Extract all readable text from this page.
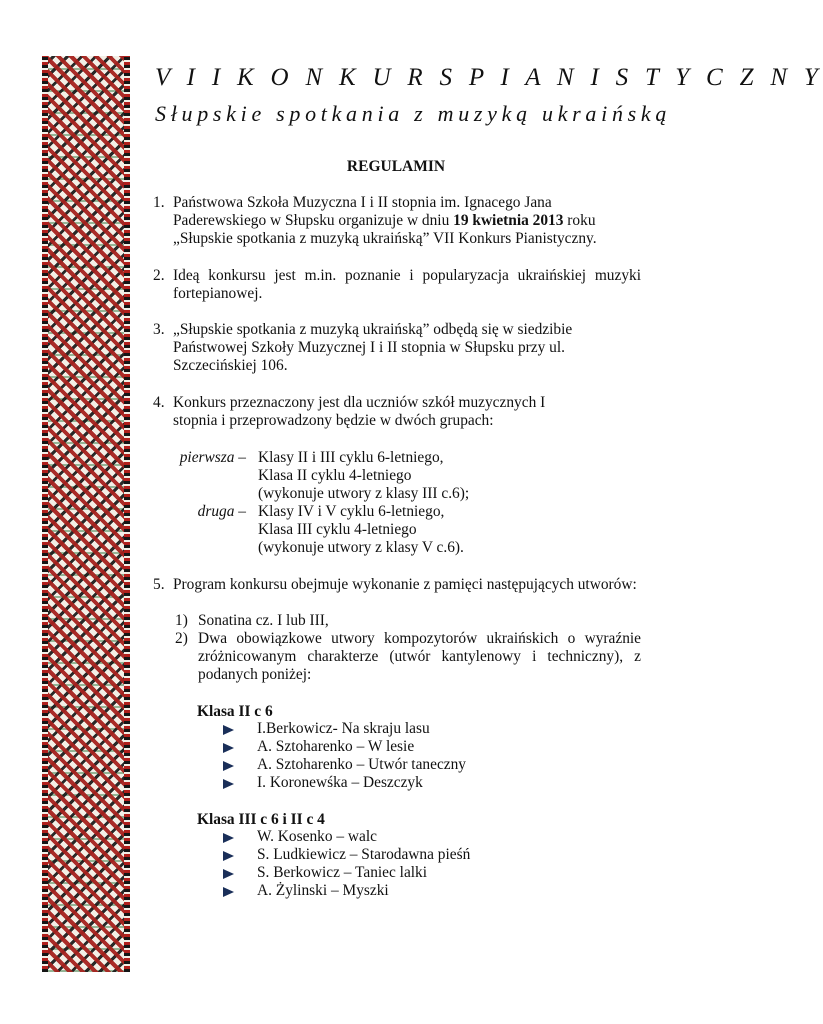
V I I K O N K U R S P I A N I S T Y C Z N Y
Słupskie spotkania z muzyką ukraińską
REGULAMIN
1. Państwowa Szkoła Muzyczna I i II stopnia im. Ignacego Jana Paderewskiego w Słupsku organizuje w dniu 19 kwietnia 2013 roku „Słupskie spotkania z muzyką ukraińską” VII Konkurs Pianistyczny.
2. Ideą konkursu jest m.in. poznanie i popularyzacja ukraińskiej muzyki fortepianowej.
3. „Słupskie spotkania z muzyką ukraińską” odbędą się w siedzibie Państwowej Szkoły Muzycznej I i II stopnia w Słupsku przy ul. Szczecińskiej 106.
4. Konkurs przeznaczony jest dla uczniów szkół muzycznych I stopnia i przeprowadzony będzie w dwóch grupach:
pierwsza – Klasy II i III cyklu 6-letniego,
Klasa II cyklu 4-letniego
(wykonuje utwory z klasy III c.6);
druga – Klasy IV i V cyklu 6-letniego,
Klasa III cyklu 4-letniego
(wykonuje utwory z klasy V c.6).
5. Program konkursu obejmuje wykonanie z pamięci następujących utworów:
1) Sonatina cz. I lub III,
2) Dwa obowiązkowe utwory kompozytorów ukraińskich o wyraźnie zróżnicowanym charakterze (utwór kantylenowy i techniczny), z podanych poniżej:
Klasa II c 6
I.Berkowicz- Na skraju lasu
A. Sztoharenko – W lesie
A. Sztoharenko – Utwór taneczny
I. Koronewśka – Deszczyk
Klasa III c 6 i II c 4
W. Kosenko – walc
S. Ludkiewicz – Starodawna pieśń
S. Berkowicz – Taniec lalki
A. Żylinski – Myszki
